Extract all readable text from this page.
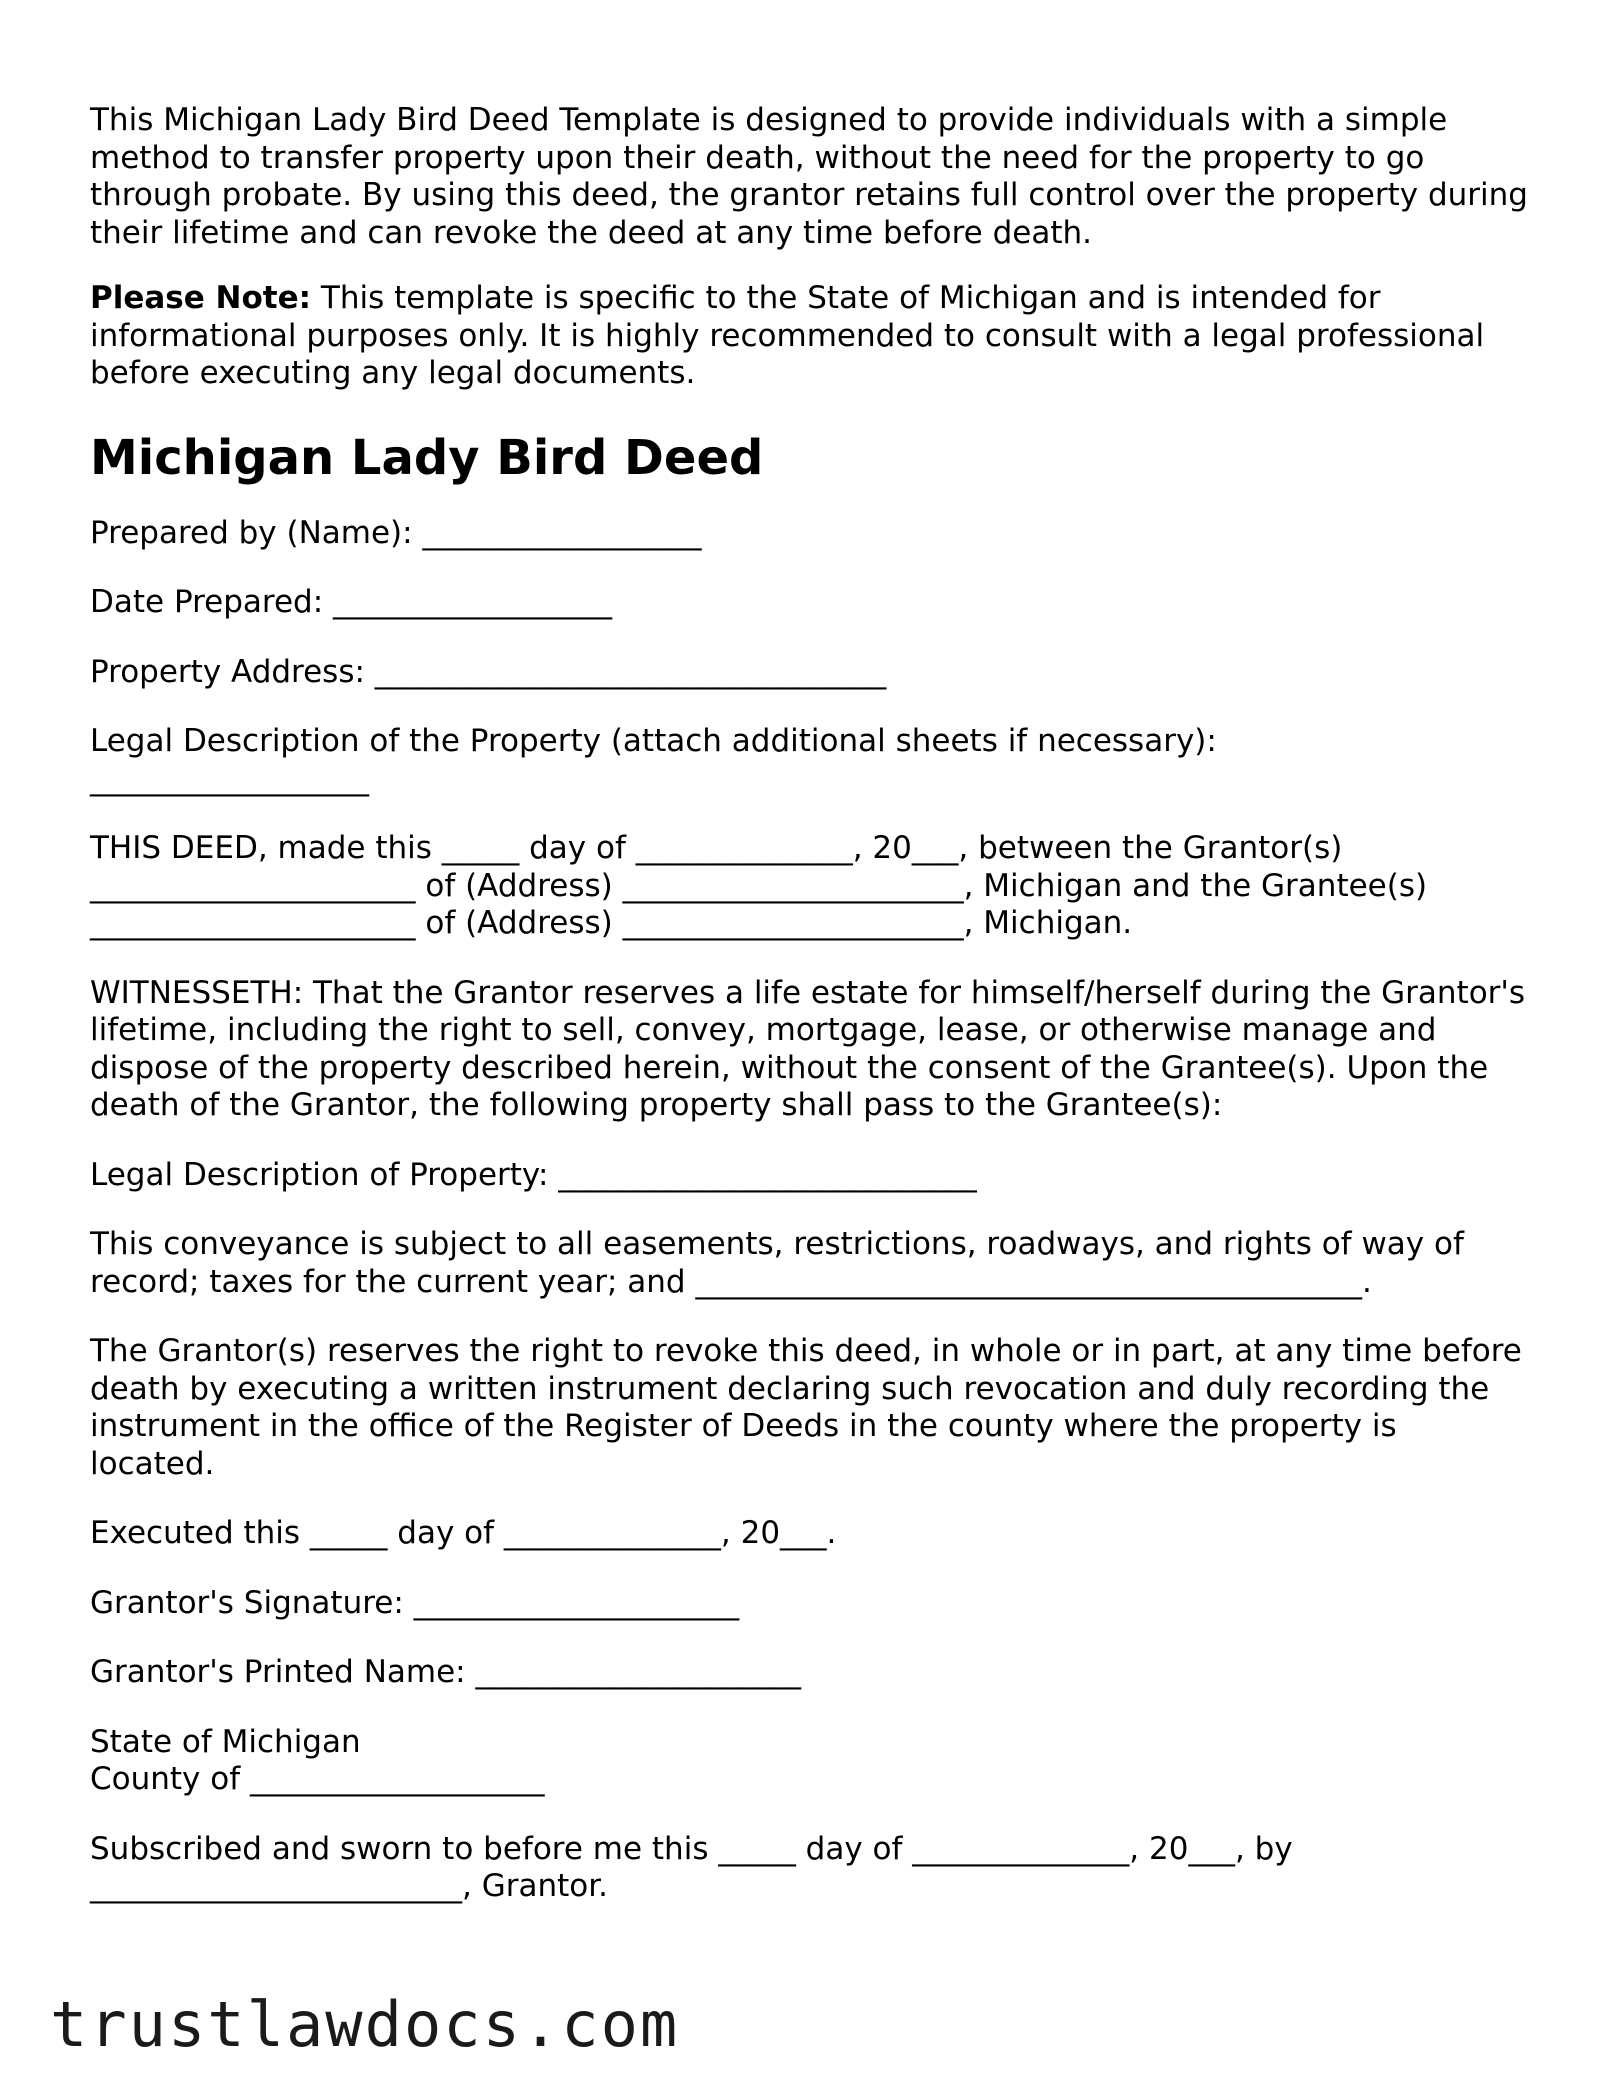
This Michigan Lady Bird Deed Template is designed to provide individuals with a simple method to transfer property upon their death, without the need for the property to go through probate. By using this deed, the grantor retains full control over the property during their lifetime and can revoke the deed at any time before death.

Please Note: This template is specific to the State of Michigan and is intended for informational purposes only. It is highly recommended to consult with a legal professional before executing any legal documents.

Michigan Lady Bird Deed

Prepared by (Name): __________________

Date Prepared: __________________

Property Address: _________________________________

Legal Description of the Property (attach additional sheets if necessary):
__________________

THIS DEED, made this _____ day of ______________, 20___, between the Grantor(s)
_____________________ of (Address) ______________________, Michigan and the Grantee(s)
_____________________ of (Address) ______________________, Michigan.

WITNESSETH: That the Grantor reserves a life estate for himself/herself during the Grantor's lifetime, including the right to sell, convey, mortgage, lease, or otherwise manage and dispose of the property described herein, without the consent of the Grantee(s). Upon the death of the Grantor, the following property shall pass to the Grantee(s):

Legal Description of Property: ___________________________

This conveyance is subject to all easements, restrictions, roadways, and rights of way of record; taxes for the current year; and ___________________________________________.

The Grantor(s) reserves the right to revoke this deed, in whole or in part, at any time before death by executing a written instrument declaring such revocation and duly recording the instrument in the office of the Register of Deeds in the county where the property is located.

Executed this _____ day of ______________, 20___.

Grantor's Signature: _____________________

Grantor's Printed Name: _____________________

State of Michigan
County of ___________________

Subscribed and sworn to before me this _____ day of ______________, 20___, by
________________________, Grantor.

trustlawdocs.com
